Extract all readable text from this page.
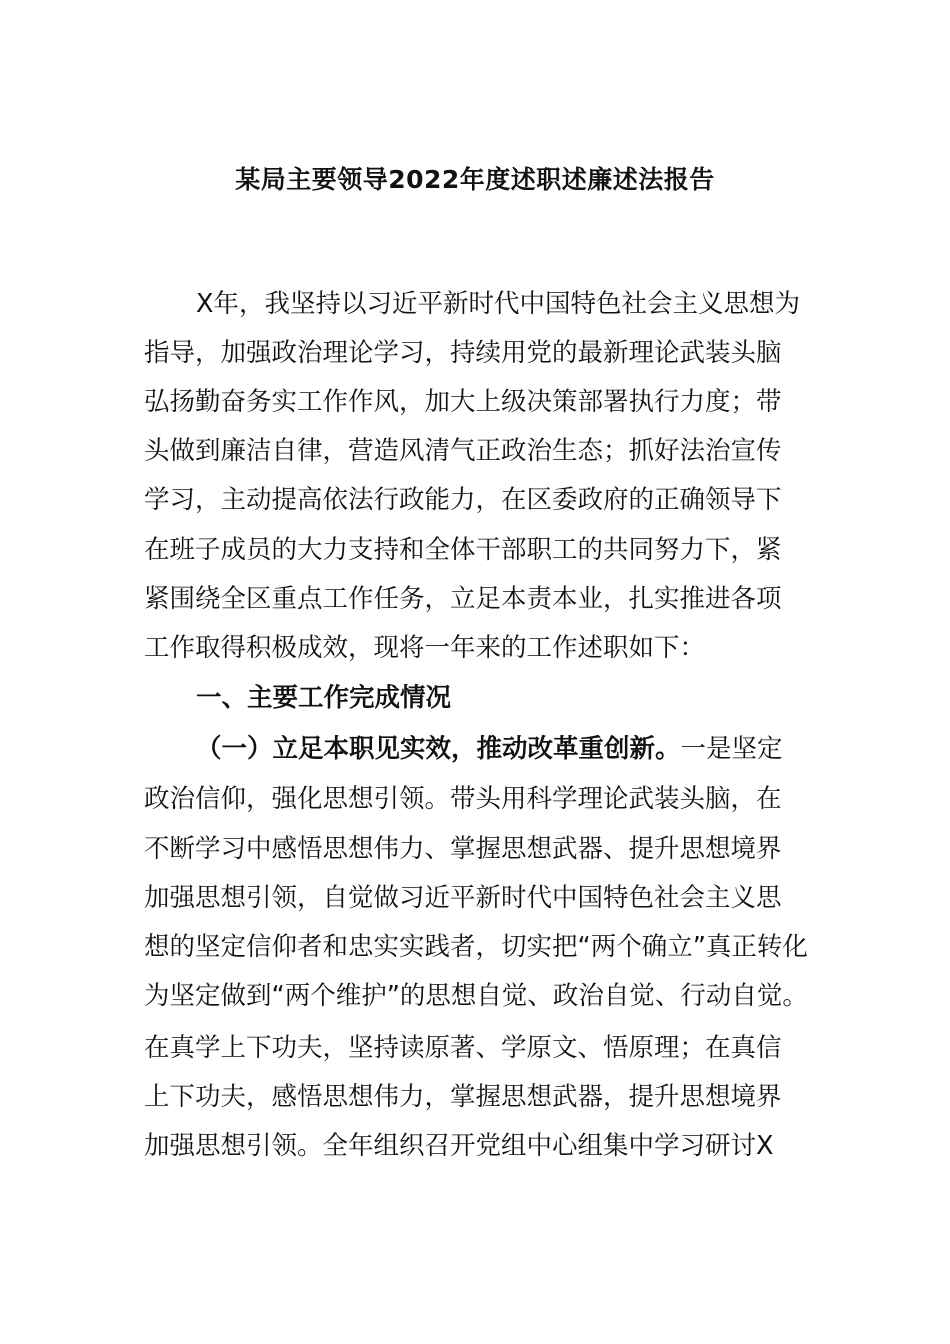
某局主要领导2022年度述职述廉述法报告
X年，我坚持以习近平新时代中国特色社会主义思想为
指导，加强政治理论学习，持续用党的最新理论武装头脑
弘扬勤奋务实工作作风，加大上级决策部署执行力度；带
头做到廉洁自律，营造风清气正政治生态；抓好法治宣传
学习，主动提高依法行政能力，在区委政府的正确领导下
在班子成员的大力支持和全体干部职工的共同努力下，紧
紧围绕全区重点工作任务，立足本责本业，扎实推进各项
工作取得积极成效，现将一年来的工作述职如下：
一、主要工作完成情况
（一）立足本职见实效，推动改革重创新。一是坚定
政治信仰，强化思想引领。带头用科学理论武装头脑，在
不断学习中感悟思想伟力、掌握思想武器、提升思想境界
加强思想引领，自觉做习近平新时代中国特色社会主义思
想的坚定信仰者和忠实实践者，切实把“两个确立”真正转化
为坚定做到“两个维护”的思想自觉、政治自觉、行动自觉。
在真学上下功夫，坚持读原著、学原文、悟原理；在真信
上下功夫，感悟思想伟力，掌握思想武器，提升思想境界
加强思想引领。全年组织召开党组中心组集中学习研讨X
